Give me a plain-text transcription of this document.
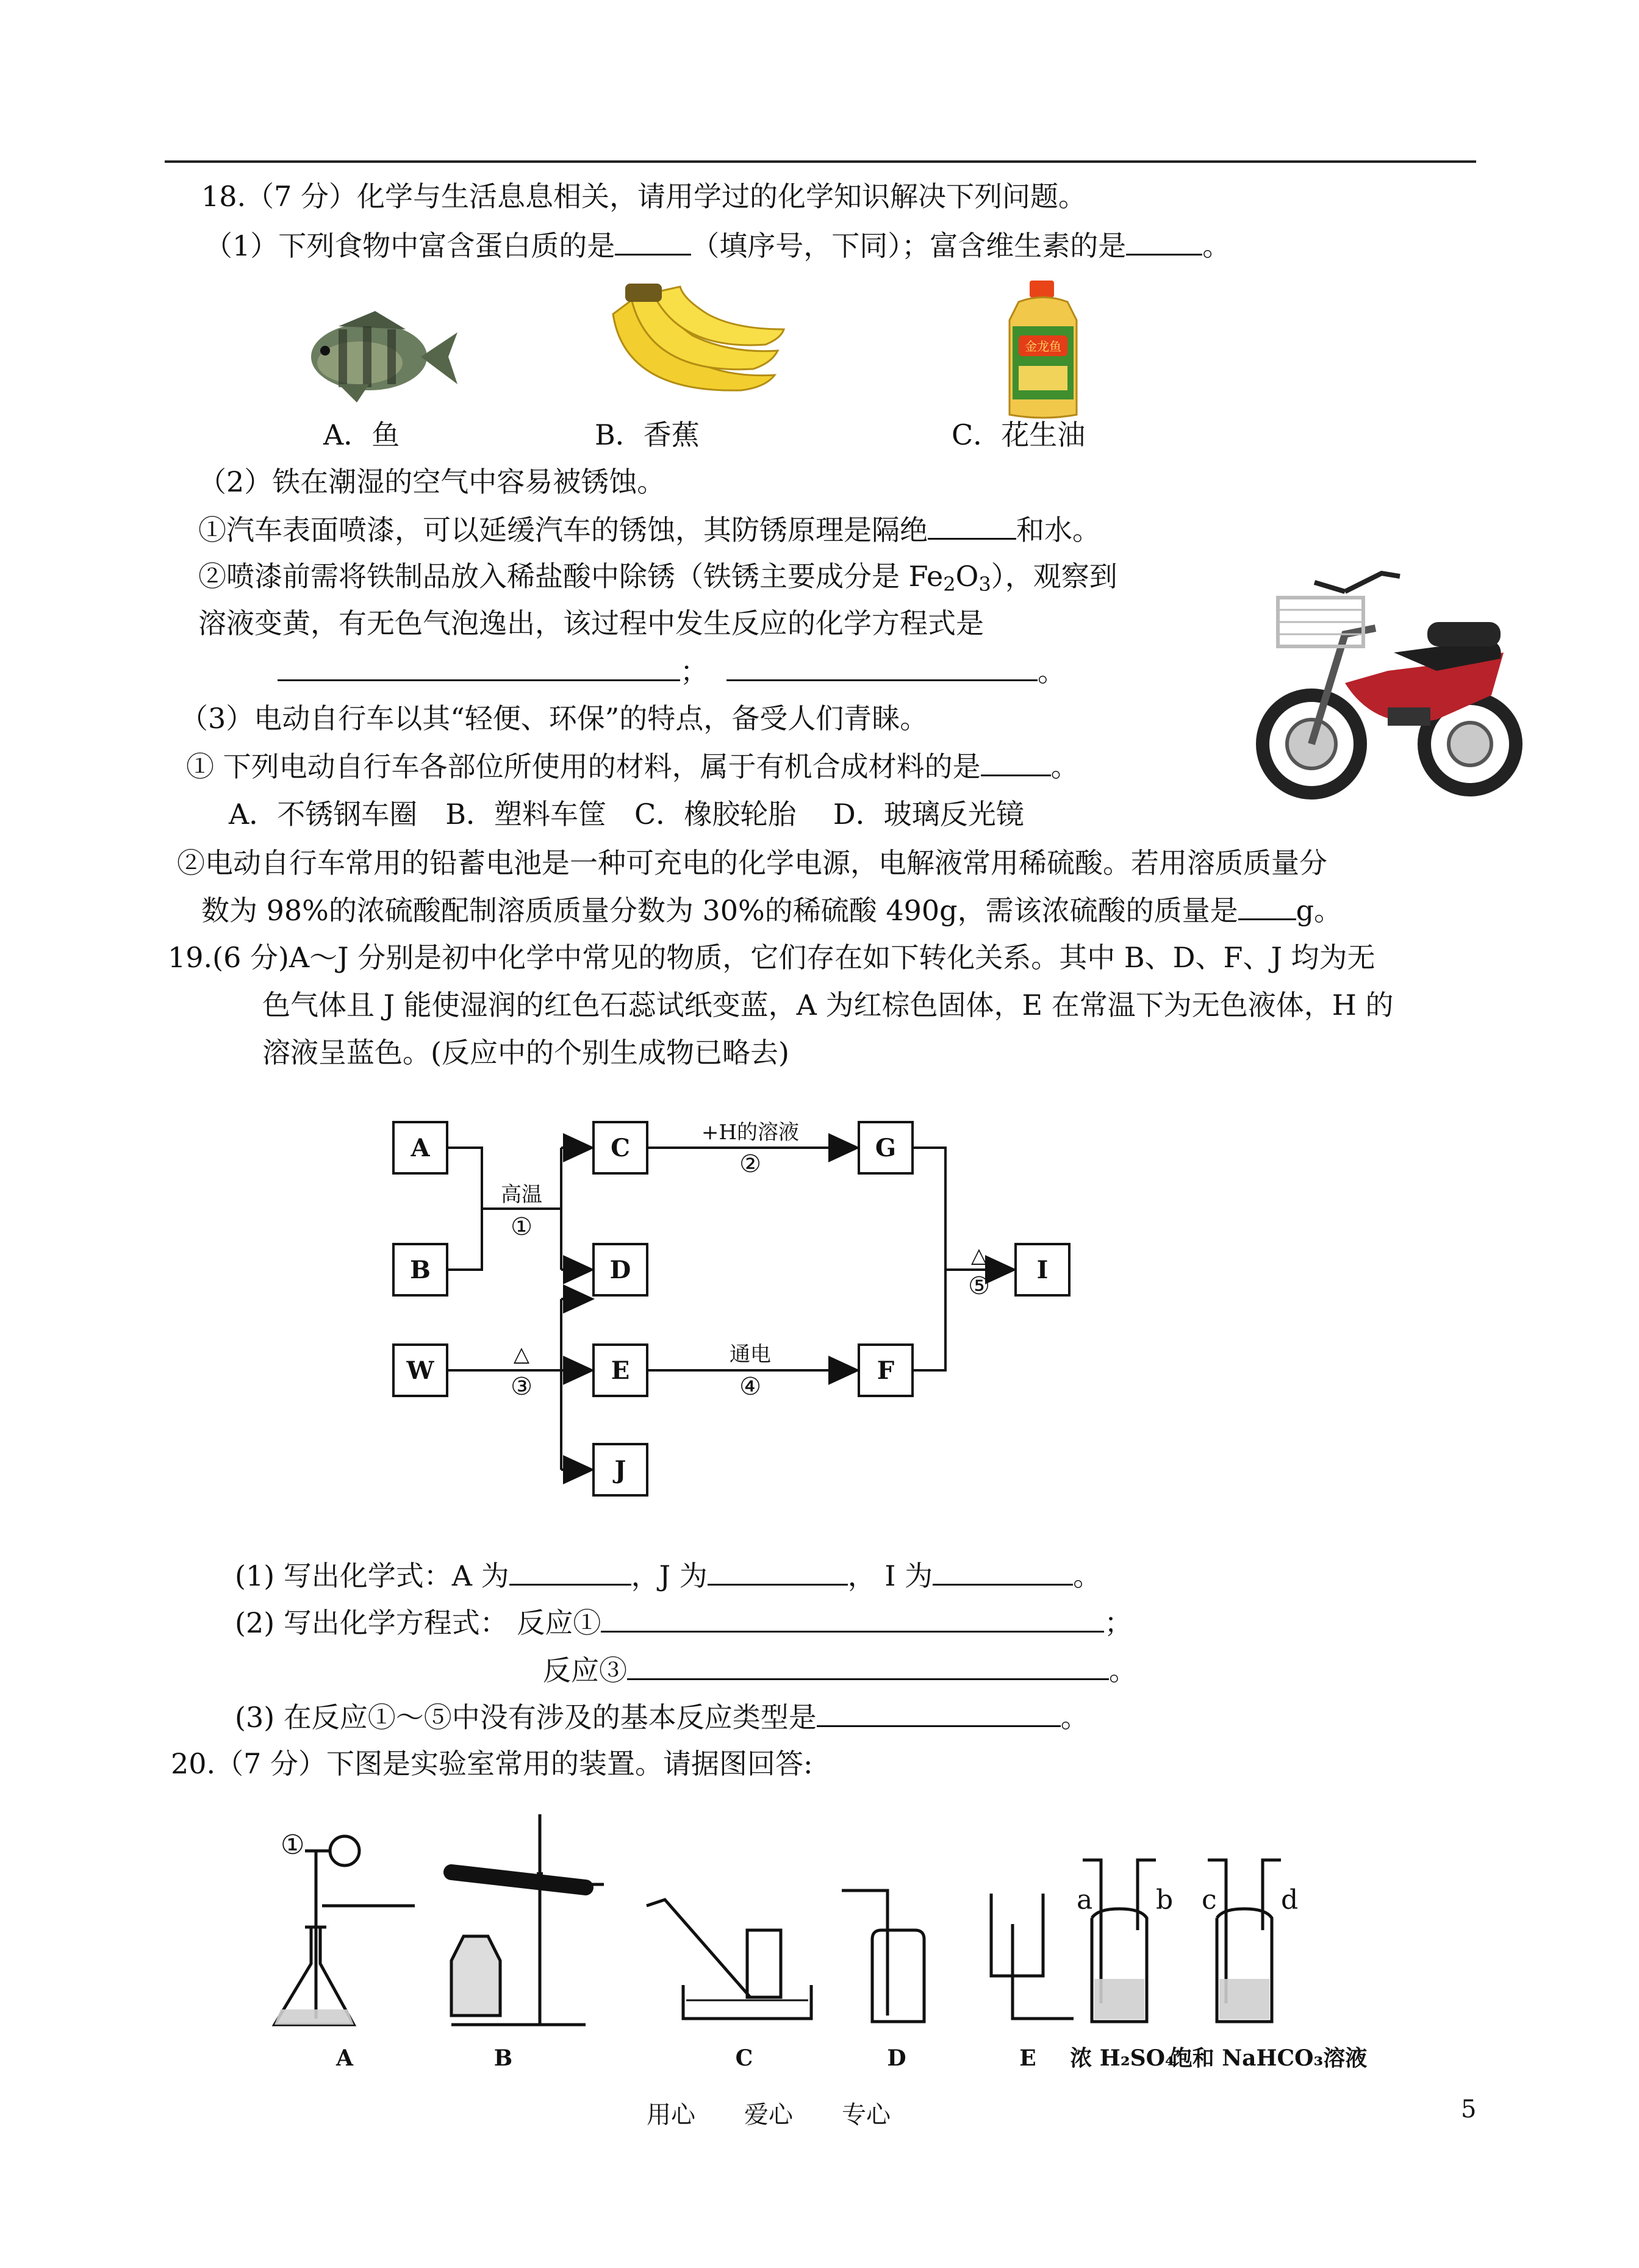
18.（7 分）化学与生活息息相关，请用学过的化学知识解决下列问题。
（1）下列食物中富含蛋白质的是	（填序号，下同）；富含维生素的是	。
金龙鱼
A．鱼	B．香蕉	C．花生油
（2）铁在潮湿的空气中容易被锈蚀。
①汽车表面喷漆，可以延缓汽车的锈蚀，其防锈原理是隔绝	和水。
②喷漆前需将铁制品放入稀盐酸中除锈（铁锈主要成分是 $Fe_2O_3$），观察到
溶液变黄，有无色气泡逸出，该过程中发生反应的化学方程式是
；	。
（3）电动自行车以其“轻便、环保”的特点，备受人们青睐。
① 下列电动自行车各部位所使用的材料，属于有机合成材料的是	。
A．不锈钢车圈　B．塑料车筐　C．橡胶轮胎　 D．玻璃反光镜
②电动自行车常用的铅蓄电池是一种可充电的化学电源，电解液常用稀硫酸。若用溶质质量分
数为 98%的浓硫酸配制溶质质量分数为 30%的稀硫酸 490g，需该浓硫酸的质量是 g。
19.(6 分)A～J 分别是初中化学中常见的物质，它们存在如下转化关系。其中 B、D、F、J 均为无
色气体且 J 能使湿润的红色石蕊试纸变蓝，A 为红棕色固体，E 在常温下为无色液体，H 的
溶液呈蓝色。(反应中的个别生成物已略去)
A
B
W
C
D
E
J
G
F
I
高温
①
+H的溶液
②
△
③
通电
④
△
⑤
(1) 写出化学式：A 为	，J 为	， I 为	。
(2) 写出化学方程式： 反应①	；
反应③	。
(3) 在反应①～⑤中没有涉及的基本反应类型是	。
20.（7 分）下图是实验室常用的装置。请据图回答:
①
a b c d
A	B	C	D	E 浓 H₂SO₄
饱和 NaHCO₃溶液
用心　　爱心　　专心	5
